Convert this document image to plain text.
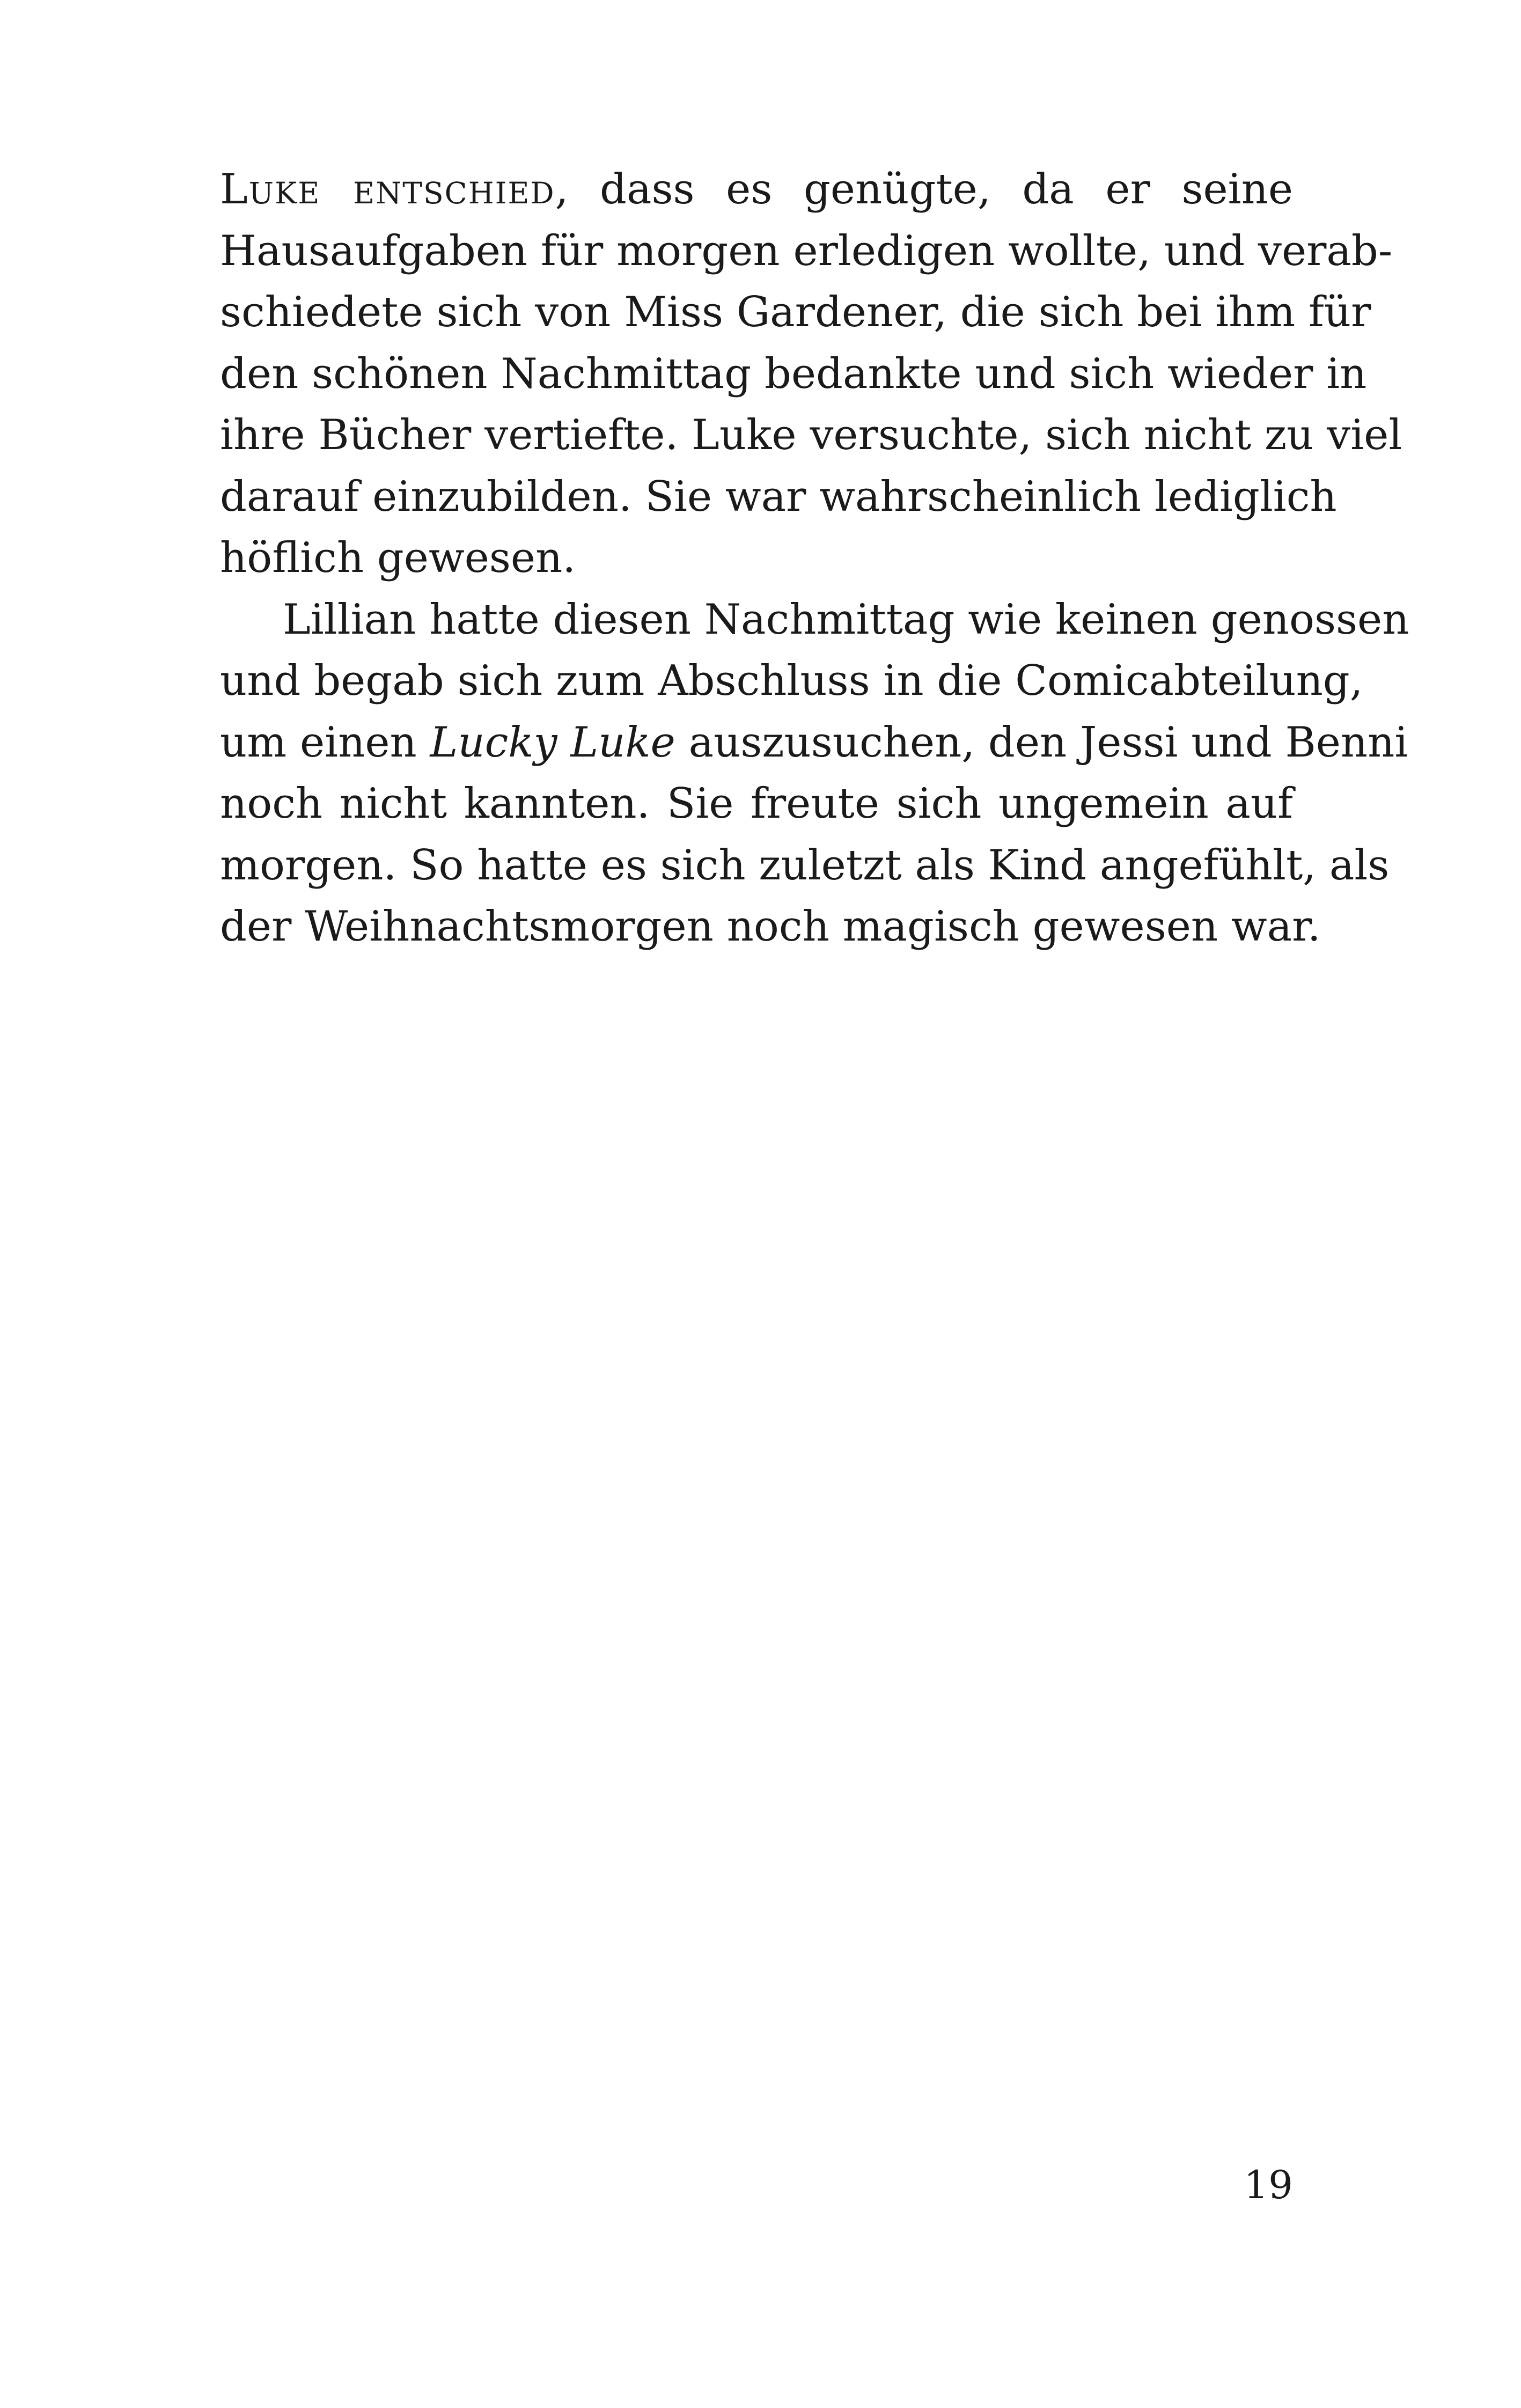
Luke entschied, dass es genügte, da er seine
Hausaufgaben für morgen erledigen wollte, und verab-
schiedete sich von Miss Gardener, die sich bei ihm für
den schönen Nachmittag bedankte und sich wieder in
ihre Bücher vertiefte. Luke versuchte, sich nicht zu viel
darauf einzubilden. Sie war wahrscheinlich lediglich
höflich gewesen.
Lillian hatte diesen Nachmittag wie keinen genossen
und begab sich zum Abschluss in die Comicabteilung,
um einen Lucky Luke auszusuchen, den Jessi und Benni
noch nicht kannten. Sie freute sich ungemein auf
morgen. So hatte es sich zuletzt als Kind angefühlt, als
der Weihnachtsmorgen noch magisch gewesen war.
19
